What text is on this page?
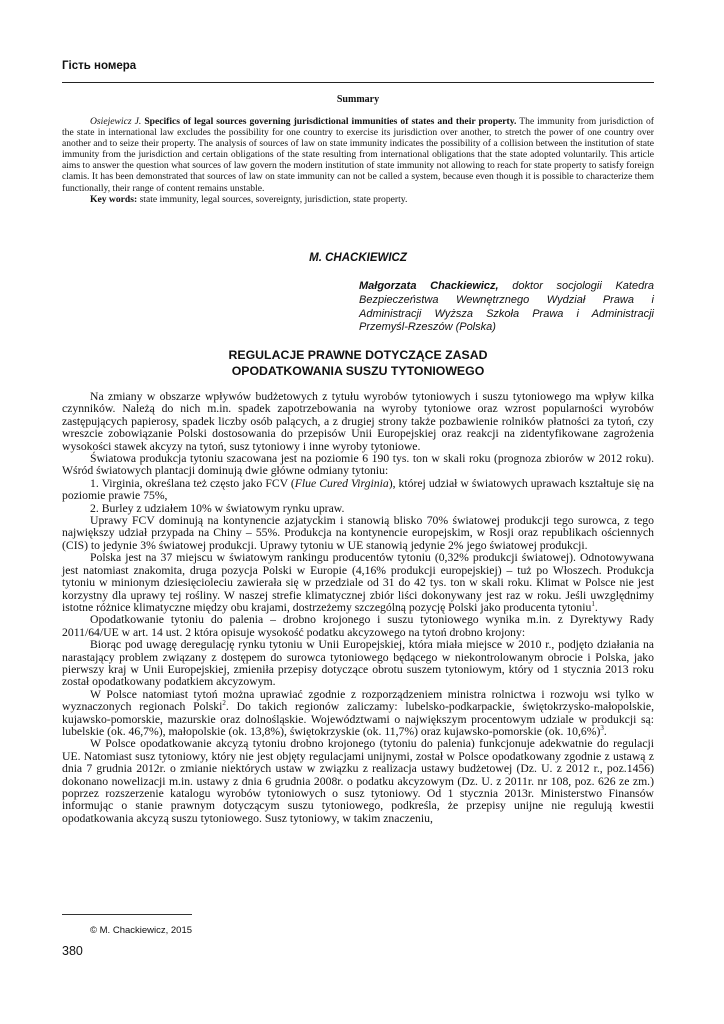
Гість номера
Summary

Osiejewicz J. Specifics of legal sources governing jurisdictional immunities of states and their property. The immunity from jurisdiction of the state in international law excludes the possibility for one country to exercise its jurisdiction over another, to stretch the power of one country over another and to seize their property. The analysis of sources of law on state immunity indicates the possibility of a collision between the institution of state immunity from the jurisdiction and certain obligations of the state resulting from international obligations that the state adopted voluntarily. This article aims to answer the question what sources of law govern the modern institution of state immunity not allowing to reach for state property to satisfy foreign clamis. It has been demonstrated that sources of law on state immunity can not be called a system, because even though it is possible to characterize them functionally, their range of content remains unstable.

Key words: state immunity, legal sources, sovereignty, jurisdiction, state property.

M. CHACKIEWICZ
Małgorzata Chackiewicz, doktor socjologii Katedra Bezpieczeństwa Wewnętrznego Wydział Prawa i Administracji Wyższa Szkoła Prawa i Administracji Przemyśl-Rzeszów (Polska)
REGULACJE PRAWNE DOTYCZĄCE ZASAD
OPODATKOWANIA SUSZU TYTONIOWEGO

Na zmiany w obszarze wpływów budżetowych z tytułu wyrobów tytoniowych i suszu tytoniowego ma wpływ kilka czynników. Należą do nich m.in. spadek zapotrzebowania na wyroby tytoniowe oraz wzrost popularności wyrobów zastępujących papierosy, spadek liczby osób palących, a z drugiej strony także pozbawienie rolników płatności za tytoń, czy wreszcie zobowiązanie Polski dostosowania do przepisów Unii Europejskiej oraz reakcji na zidentyfikowane zagrożenia wysokości stawek akcyzy na tytoń, susz tytoniowy i inne wyroby tytoniowe.

Światowa produkcja tytoniu szacowana jest na poziomie 6 190 tys. ton w skali roku (prognoza zbiorów w 2012 roku). Wśród światowych plantacji dominują dwie główne odmiany tytoniu:

1. Virginia, określana też często jako FCV (Flue Cured Virginia), której udział w światowych uprawach kształtuje się na poziomie prawie 75%,

2. Burley z udziałem 10% w światowym rynku upraw.

Uprawy FCV dominują na kontynencie azjatyckim i stanowią blisko 70% światowej produkcji tego surowca, z tego największy udział przypada na Chiny – 55%. Produkcja na kontynencie europejskim, w Rosji oraz republikach ościennych (CIS) to jedynie 3% światowej produkcji. Uprawy tytoniu w UE stanowią jedynie 2% jego światowej produkcji.

Polska jest na 37 miejscu w światowym rankingu producentów tytoniu (0,32% produkcji światowej). Odnotowywana jest natomiast znakomita, druga pozycja Polski w Europie (4,16% produkcji europejskiej) – tuż po Włoszech. Produkcja tytoniu w minionym dziesięcioleciu zawierała się w przedziale od 31 do 42 tys. ton w skali roku. Klimat w Polsce nie jest korzystny dla uprawy tej rośliny. W naszej strefie klimatycznej zbiór liści dokonywany jest raz w roku. Jeśli uwzględnimy istotne różnice klimatyczne między obu krajami, dostrzeżemy szczególną pozycję Polski jako producenta tytoniu$^1$.

Opodatkowanie tytoniu do palenia – drobno krojonego i suszu tytoniowego wynika m.in. z Dyrektywy Rady 2011/64/UE w art. 14 ust. 2 która opisuje wysokość podatku akcyzowego na tytoń drobno krojony:

Biorąc pod uwagę deregulację rynku tytoniu w Unii Europejskiej, która miała miejsce w 2010 r., podjęto działania na narastający problem związany z dostępem do surowca tytoniowego będącego w niekontrolowanym obrocie i Polska, jako pierwszy kraj w Unii Europejskiej, zmieniła przepisy dotyczące obrotu suszem tytoniowym, który od 1 stycznia 2013 roku został opodatkowany podatkiem akcyzowym.

W Polsce natomiast tytoń można uprawiać zgodnie z rozporządzeniem ministra rolnictwa i rozwoju wsi tylko w wyznaczonych regionach Polski$^2$. Do takich regionów zaliczamy: lubelsko-podkarpackie, świętokrzysko-małopolskie, kujawsko-pomorskie, mazurskie oraz dolnośląskie. Województwami o największym procentowym udziale w produkcji są: lubelskie (ok. 46,7%), małopolskie (ok. 13,8%), świętokrzyskie (ok. 11,7%) oraz kujawsko-pomorskie (ok. 10,6%)$^3$.

W Polsce opodatkowanie akcyzą tytoniu drobno krojonego (tytoniu do palenia) funkcjonuje adekwatnie do regulacji UE. Natomiast susz tytoniowy, który nie jest objęty regulacjami unijnymi, został w Polsce opodatkowany zgodnie z ustawą z dnia 7 grudnia 2012r. o zmianie niektórych ustaw w związku z realizacja ustawy budżetowej (Dz. U. z 2012 r., poz.1456) dokonano nowelizacji m.in. ustawy z dnia 6 grudnia 2008r. o podatku akcyzowym (Dz. U. z 2011r. nr 108, poz. 626 ze zm.) poprzez rozszerzenie katalogu wyrobów tytoniowych o susz tytoniowy. Od 1 stycznia 2013r. Ministerstwo Finansów informując o stanie prawnym dotyczącym suszu tytoniowego, podkreśla, że przepisy unijne nie regulują kwestii opodatkowania akcyzą suszu tytoniowego. Susz tytoniowy, w takim znaczeniu,

© M. Chackiewicz, 2015
380
